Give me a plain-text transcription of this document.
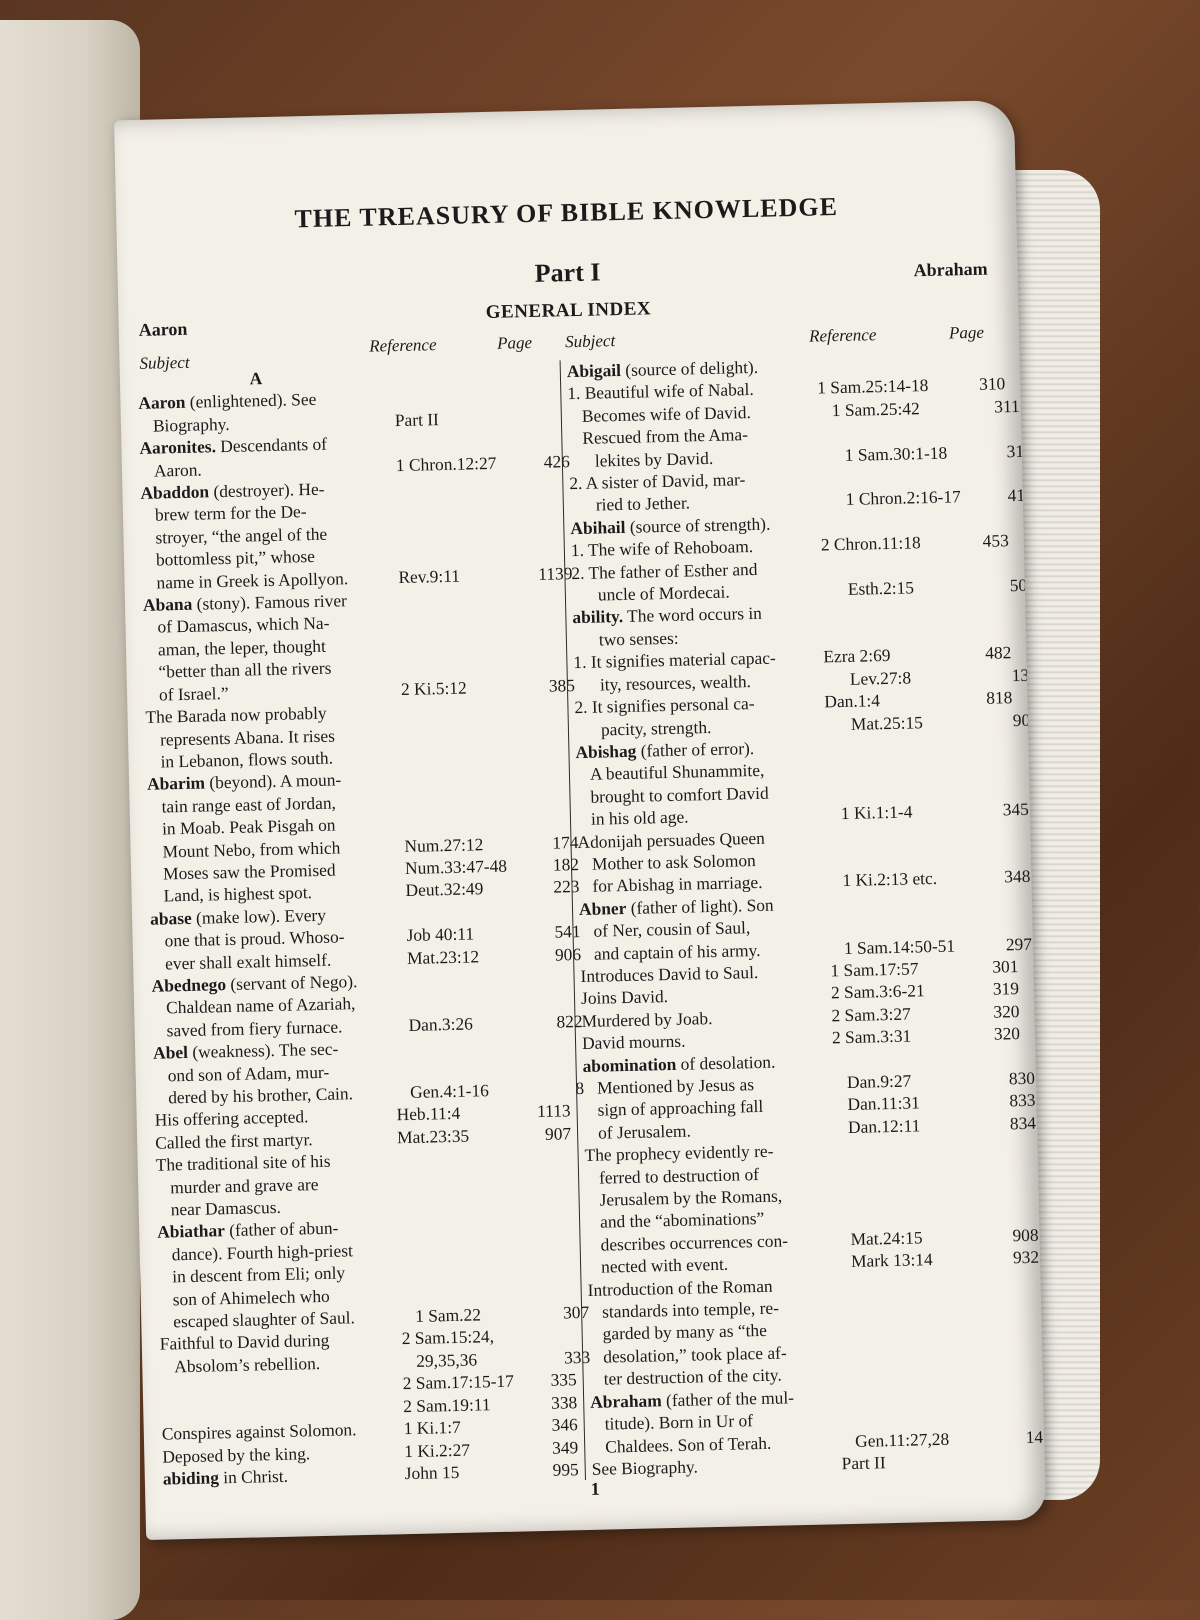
THE TREASURY OF BIBLE KNOWLEDGE
Part I
GENERAL INDEX
Aaron
Abraham
Subject
Reference	Page Subject	Reference	Page
A
Aaron (enlightened). See
Biography.	Part II
Aaronites. Descendants of
Aaron.	1 Chron.12:27	426
Abaddon (destroyer). He-
brew term for the De-
stroyer, “the angel of the
bottomless pit,” whose
name in Greek is Apollyon.	Rev.9:11	1139
Abana (stony). Famous river
of Damascus, which Na-
aman, the leper, thought
“better than all the rivers
of Israel.”	2 Ki.5:12	385
The Barada now probably
represents Abana. It rises
in Lebanon, flows south.
Abarim (beyond). A moun-
tain range east of Jordan,
in Moab. Peak Pisgah on
Mount Nebo, from which	Num.27:12	174
Moses saw the Promised	Num.33:47-48	182
Land, is highest spot.	Deut.32:49	223
abase (make low). Every
one that is proud. Whoso-	Job 40:11	541
ever shall exalt himself.	Mat.23:12	906
Abednego (servant of Nego).
Chaldean name of Azariah,
saved from fiery furnace.	Dan.3:26	822
Abel (weakness). The sec-
ond son of Adam, mur-
dered by his brother, Cain.	Gen.4:1-16	8
His offering accepted.	Heb.11:4	1113
Called the first martyr.	Mat.23:35	907
The traditional site of his
murder and grave are
near Damascus.
Abiathar (father of abun-
dance). Fourth high-priest
in descent from Eli; only
son of Ahimelech who
escaped slaughter of Saul.	1 Sam.22	307
Faithful to David during	2 Sam.15:24,
Absolom’s rebellion.	29,35,36	333
2 Sam.17:15-17	335
2 Sam.19:11	338
Conspires against Solomon.	1 Ki.1:7	346
Deposed by the king.	1 Ki.2:27	349
abiding in Christ.	John 15	995
Abigail (source of delight).
1. Beautiful wife of Nabal.	1 Sam.25:14-18	310
Becomes wife of David.	1 Sam.25:42	311
Rescued from the Ama-
lekites by David.	1 Sam.30:1-18	315
2. A sister of David, mar-
ried to Jether.	1 Chron.2:16-17	413
Abihail (source of strength).
1. The wife of Rehoboam.	2 Chron.11:18	453
2. The father of Esther and
uncle of Mordecai.	Esth.2:15	508
ability. The word occurs in
two senses:
1. It signifies material capac-	Ezra 2:69	482
ity, resources, wealth.	Lev.27:8	137
2. It signifies personal ca-	Dan.1:4	818
pacity, strength.	Mat.25:15	909
Abishag (father of error).
A beautiful Shunammite,
brought to comfort David
in his old age.	1 Ki.1:1-4	345
Adonijah persuades Queen
Mother to ask Solomon
for Abishag in marriage.	1 Ki.2:13 etc.	348
Abner (father of light). Son
of Ner, cousin of Saul,
and captain of his army.	1 Sam.14:50-51	297
Introduces David to Saul.	1 Sam.17:57	301
Joins David.	2 Sam.3:6-21	319
Murdered by Joab.	2 Sam.3:27	320
David mourns.	2 Sam.3:31	320
abomination of desolation.
Mentioned by Jesus as	Dan.9:27	830
sign of approaching fall	Dan.11:31	833
of Jerusalem.	Dan.12:11	834
The prophecy evidently re-
ferred to destruction of
Jerusalem by the Romans,
and the “abominations”
describes occurrences con-	Mat.24:15	908
nected with event.	Mark 13:14	932
Introduction of the Roman
standards into temple, re-
garded by many as “the
desolation,” took place af-
ter destruction of the city.
Abraham (father of the mul-
titude). Born in Ur of
Chaldees. Son of Terah.	Gen.11:27,28	14
See Biography.	Part II
1
